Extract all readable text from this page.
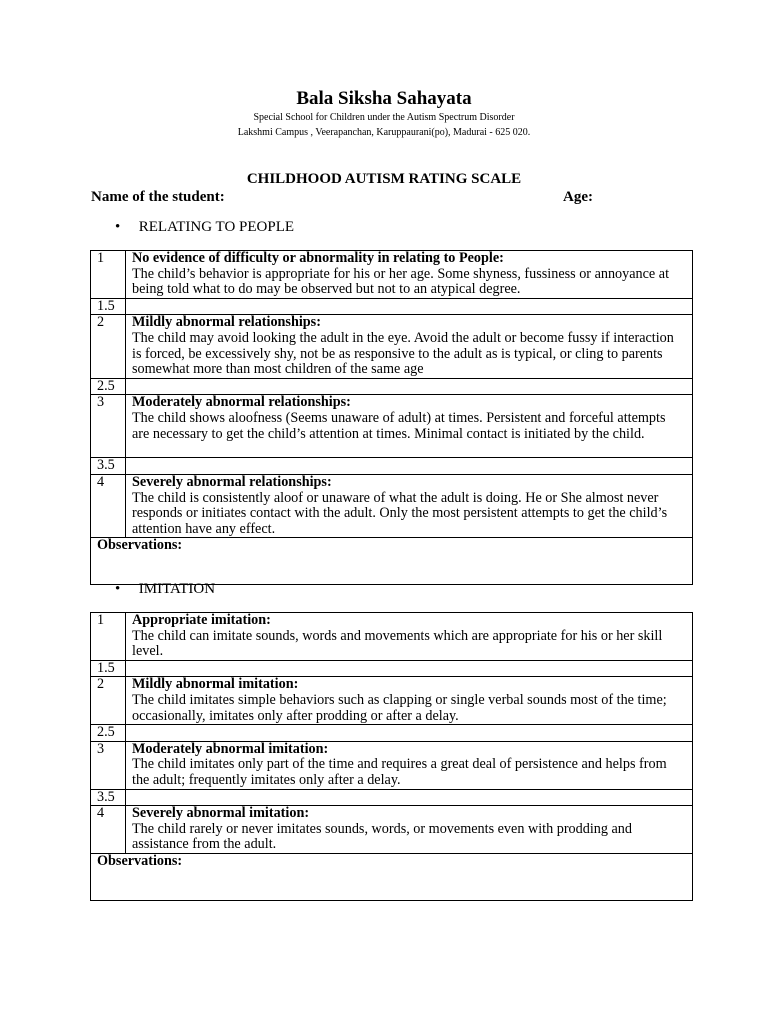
Bala Siksha Sahayata
Special School for Children under the Autism Spectrum Disorder
Lakshmi Campus , Veerapanchan, Karuppaurani(po), Madurai - 625 020.
CHILDHOOD AUTISM RATING SCALE
Name of the student:	Age:
• RELATING TO PEOPLE
1	No evidence of difficulty or abnormality in relating to People:
The child’s behavior is appropriate for his or her age. Some shyness, fussiness or annoyance at being told what to do may be observed but not to an atypical degree.
1.5	
2	Mildly abnormal relationships:
The child may avoid looking the adult in the eye. Avoid the adult or become fussy if interaction is forced, be excessively shy, not be as responsive to the adult as is typical, or cling to parents somewhat more than most children of the same age
2.5	
3	Moderately abnormal relationships:
The child shows aloofness (Seems unaware of adult) at times. Persistent and forceful attempts are necessary to get the child’s attention at times. Minimal contact is initiated by the child.
3.5	
4	Severely abnormal relationships:
The child is consistently aloof or unaware of what the adult is doing. He or She almost never responds or initiates contact with the adult. Only the most persistent attempts to get the child’s attention have any effect.

Observations:	
• IMITATION
1	Appropriate imitation:
The child can imitate sounds, words and movements which are appropriate for his or her skill level.
1.5	
2	Mildly abnormal imitation:
The child imitates simple behaviors such as clapping or single verbal sounds most of the time; occasionally, imitates only after prodding or after a delay.
2.5	
3	Moderately abnormal imitation:
The child imitates only part of the time and requires a great deal of persistence and helps from the adult; frequently imitates only after a delay.
3.5	
4	Severely abnormal imitation:
The child rarely or never imitates sounds, words, or movements even with prodding and assistance from the adult.

Observations:	
